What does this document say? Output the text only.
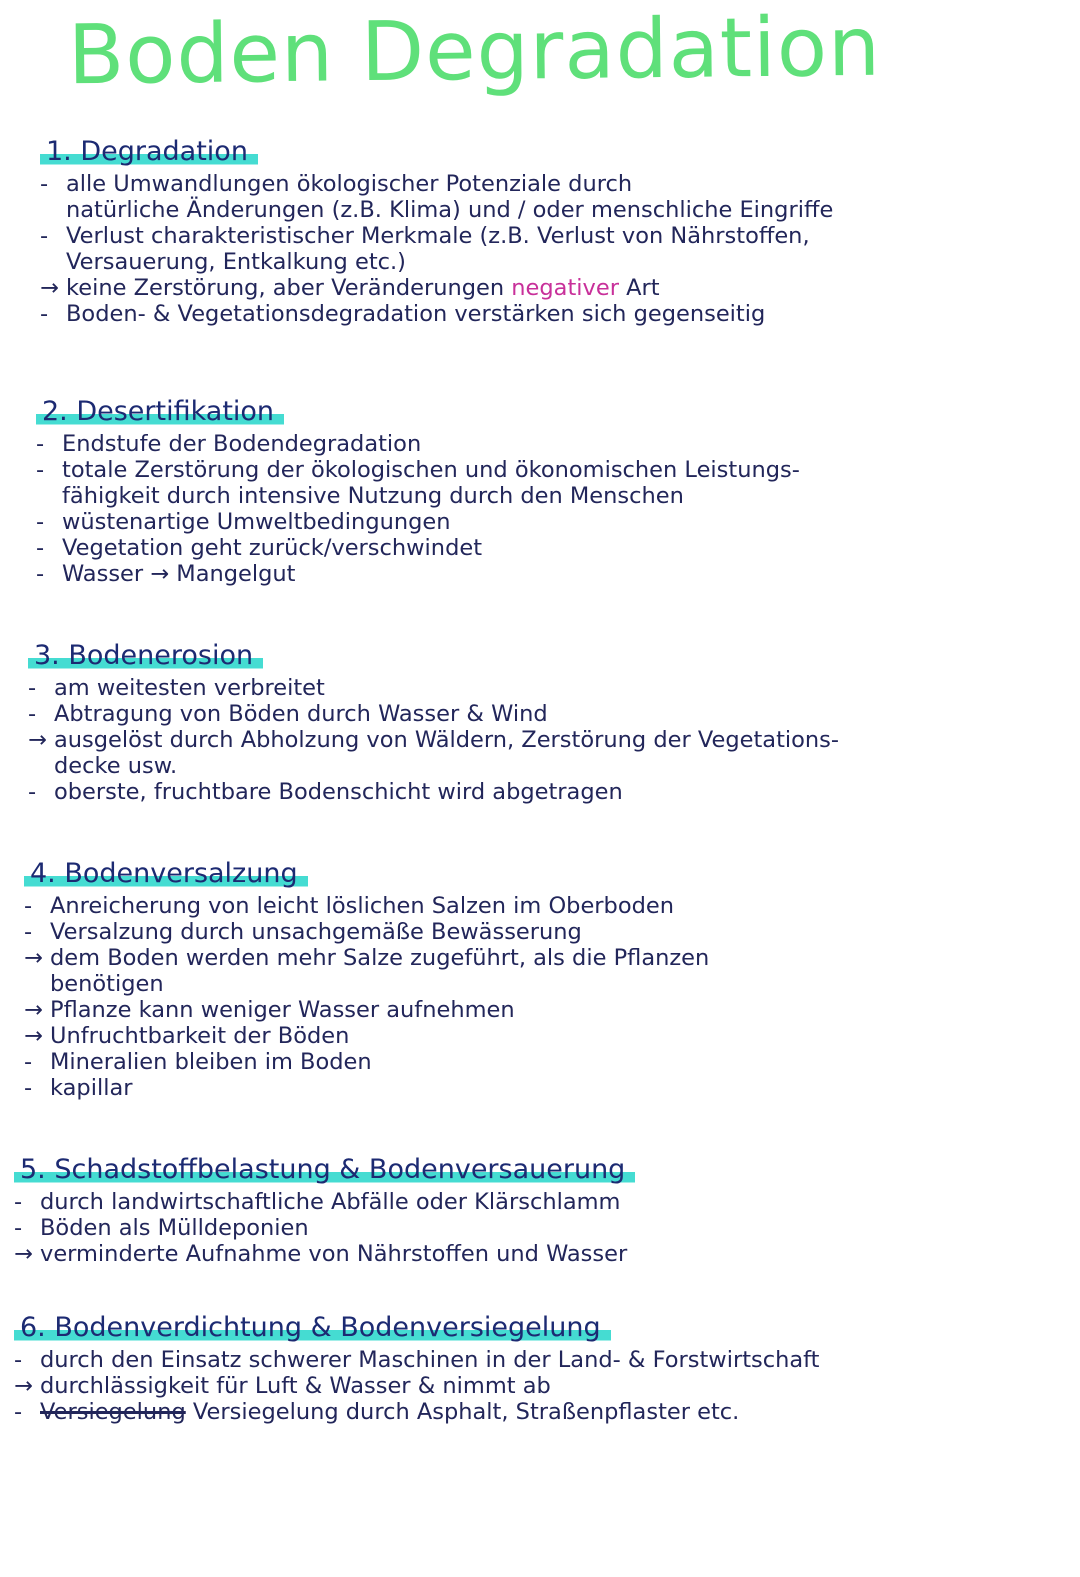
Boden Degradation
1. Degradation
- alle Umwandlungen ökologischer Potenziale durch
natürliche Änderungen (z.B. Klima) und / oder menschliche Eingriffe
- Verlust charakteristischer Merkmale (z.B. Verlust von Nährstoffen,
Versauerung, Entkalkung etc.)
→ keine Zerstörung, aber Veränderungen negativer Art
- Boden- & Vegetationsdegradation verstärken sich gegenseitig
2. Desertifikation
- Endstufe der Bodendegradation
- totale Zerstörung der ökologischen und ökonomischen Leistungs-
fähigkeit durch intensive Nutzung durch den Menschen
- wüstenartige Umweltbedingungen
- Vegetation geht zurück/verschwindet
- Wasser → Mangelgut
3. Bodenerosion
- am weitesten verbreitet
- Abtragung von Böden durch Wasser & Wind
→ ausgelöst durch Abholzung von Wäldern, Zerstörung der Vegetations-
decke usw.
- oberste, fruchtbare Bodenschicht wird abgetragen
4. Bodenversalzung
- Anreicherung von leicht löslichen Salzen im Oberboden
- Versalzung durch unsachgemäße Bewässerung
→ dem Boden werden mehr Salze zugeführt, als die Pflanzen
benötigen
→ Pflanze kann weniger Wasser aufnehmen
→ Unfruchtbarkeit der Böden
- Mineralien bleiben im Boden
- kapillar
5. Schadstoffbelastung & Bodenversauerung
- durch landwirtschaftliche Abfälle oder Klärschlamm
- Böden als Mülldeponien
→ verminderte Aufnahme von Nährstoffen und Wasser
6. Bodenverdichtung & Bodenversiegelung
- durch den Einsatz schwerer Maschinen in der Land- & Forstwirtschaft
→ durchlässigkeit für Luft & Wasser & nimmt ab
- Versiegelung Versiegelung durch Asphalt, Straßenpflaster etc.
